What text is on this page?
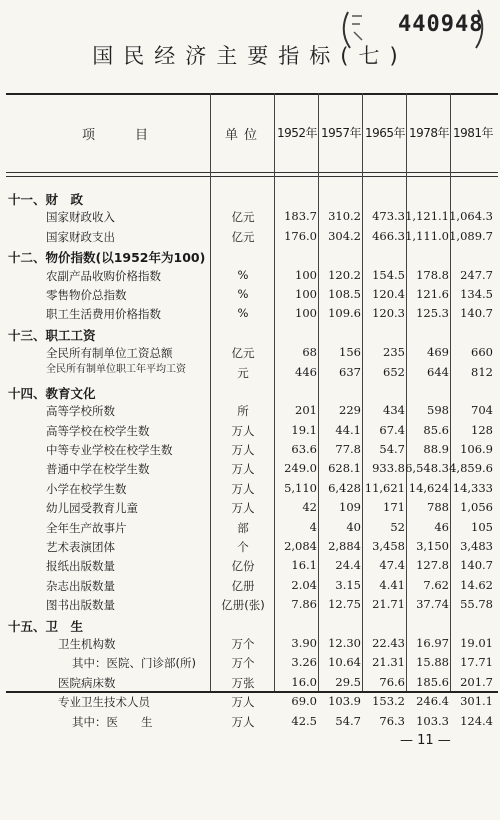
440948
国民经济主要指标(七)
项目	单位	1952年 1957年 1965年 1978年 1981年
十一、财　政
国家财政收入	亿元	183.7 310.2 473.3 1,121.1 1,064.3
国家财政支出	亿元	176.0 304.2 466.3 1,111.0 1,089.7
十二、物价指数(以1952年为100)
农副产品收购价格指数	%	100 120.2 154.5 178.8 247.7
零售物价总指数	%	100 108.5 120.4 121.6 134.5
职工生活费用价格指数	%	100 109.6 120.3 125.3 140.7
十三、职工工资
全民所有制单位工资总额	亿元	68	156	235	469	660
全民所有制单位职工年平均工资	元	446	637	652	644	812
十四、教育文化
高等学校所数	所	201	229	434	598	704
高等学校在校学生数	万人	19.1	44.1	67.4	85.6	128
中等专业学校在校学生数	万人	63.6	77.8	54.7	88.9 106.9
普通中学在校学生数	万人	249.0 628.1 933.8 6,548.3 4,859.6
小学在校学生数	万人	5,110 6,428 11,621 14,624 14,333
幼儿园受教育儿童	万人	42	109	171	788 1,056
全年生产故事片	部	4	40	52	46	105
艺术表演团体	个	2,084 2,884 3,458 3,150 3,483
报纸出版数量	亿份	16.1	24.4	47.4 127.8 140.7
杂志出版数量	亿册	2.04	3.15	4.41	7.62 14.62
图书出版数量	亿册(张)	7.86 12.75 21.71 37.74 55.78
十五、卫　生
卫生机构数	万个	3.90 12.30 22.43 16.97 19.01
其中：医院、门诊部(所)	万个	3.26 10.64 21.31 15.88 17.71
医院病床数	万张	16.0	29.5	76.6 185.6 201.7
专业卫生技术人员	万人	69.0 103.9 153.2 246.4 301.1
其中：医　　生	万人	42.5	54.7	76.3 103.3 124.4
— 11 —
